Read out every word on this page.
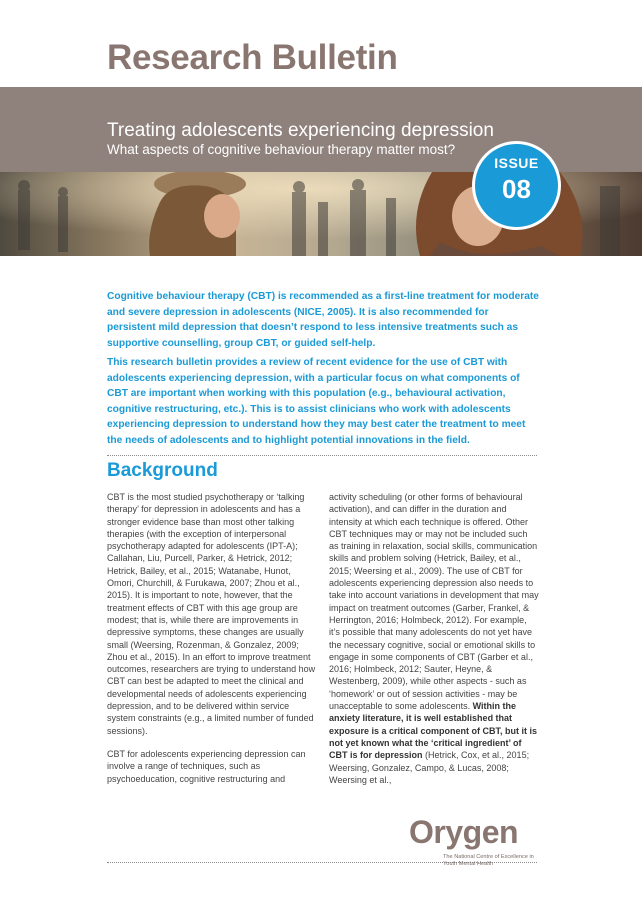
Research Bulletin
Treating adolescents experiencing depression
What aspects of cognitive behaviour therapy matter most?
ISSUE
08

Cognitive behaviour therapy (CBT) is recommended as a first-line treatment for moderate and severe depression in adolescents (NICE, 2005). It is also recommended for persistent mild depression that doesn’t respond to less intensive treatments such as supportive counselling, group CBT, or guided self-help.

This research bulletin provides a review of recent evidence for the use of CBT with adolescents experiencing depression, with a particular focus on what components of CBT are important when working with this population (e.g., behavioural activation, cognitive restructuring, etc.). This is to assist clinicians who work with adolescents experiencing depression to understand how they may best cater the treatment to meet the needs of adolescents and to highlight potential innovations in the field.

Background

CBT is the most studied psychotherapy or ‘talking therapy’ for depression in adolescents and has a stronger evidence base than most other talking therapies (with the exception of interpersonal psychotherapy adapted for adolescents (IPT-A); Callahan, Liu, Purcell, Parker, & Hetrick, 2012; Hetrick, Bailey, et al., 2015; Watanabe, Hunot, Omori, Churchill, & Furukawa, 2007; Zhou et al., 2015). It is important to note, however, that the treatment effects of CBT with this age group are modest; that is, while there are improvements in depressive symptoms, these changes are usually small (Weersing, Rozenman, & Gonzalez, 2009; Zhou et al., 2015). In an effort to improve treatment outcomes, researchers are trying to understand how CBT can best be adapted to meet the clinical and developmental needs of adolescents experiencing depression, and to be delivered within service system constraints (e.g., a limited number of funded sessions).

CBT for adolescents experiencing depression can involve a range of techniques, such as psychoeducation, cognitive restructuring and

activity scheduling (or other forms of behavioural activation), and can differ in the duration and intensity at which each technique is offered. Other CBT techniques may or may not be included such as training in relaxation, social skills, communication skills and problem solving (Hetrick, Bailey, et al., 2015; Weersing et al., 2009). The use of CBT for adolescents experiencing depression also needs to take into account variations in development that may impact on treatment outcomes (Garber, Frankel, & Herrington, 2016; Holmbeck, 2012). For example, it’s possible that many adolescents do not yet have the necessary cognitive, social or emotional skills to engage in some components of CBT (Garber et al., 2016; Holmbeck, 2012; Sauter, Heyne, & Westenberg, 2009), while other aspects - such as ‘homework’ or out of session activities - may be unacceptable to some adolescents. Within the anxiety literature, it is well established that exposure is a critical component of CBT, but it is not yet known what the ‘critical ingredient’ of CBT is for depression (Hetrick, Cox, et al., 2015; Weersing, Gonzalez, Campo, & Lucas, 2008; Weersing et al.,

Orygen
The National Centre of Excellence in Youth Mental Health
